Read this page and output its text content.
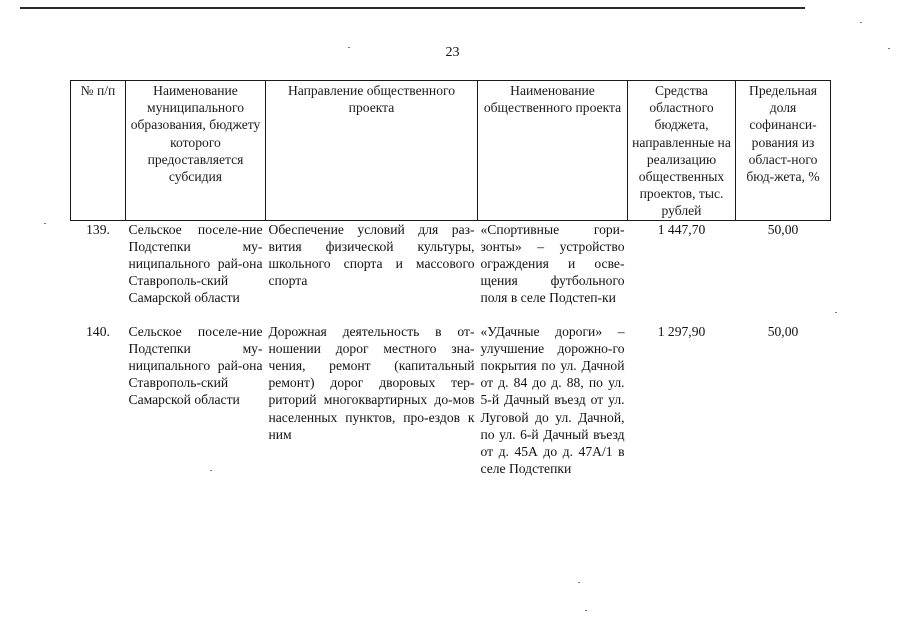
23
№ п/п	Наименование муниципального образования, бюджету которого предоставляется субсидия	Направление общественного проекта	Наименование общественного проекта	Средства областного бюджета, направленные на реализацию общественных проектов, тыс. рублей	Предельная доля софинанси-рования из област-ного бюд-жета, %
139.	Сельское поселе-ние Подстепки му-ниципального рай-она Ставрополь-ский Самарской области	Обеспечение условий для раз-вития физической культуры, школьного спорта и массового спорта	«Спортивные гори-зонты» – устройство ограждения и осве-щения футбольного поля в селе Подстеп-ки	1 447,70	50,00
140.	Сельское поселе-ние Подстепки му-ниципального рай-она Ставрополь-ский Самарской области	Дорожная деятельность в от-ношении дорог местного зна-чения, ремонт (капитальный ремонт) дорог дворовых тер-риторий многоквартирных до-мов населенных пунктов, про-ездов к ним	«УДачные дороги» – улучшение дорожно-го покрытия по ул. Дачной от д. 84 до д. 88, по ул. 5-й Дачный въезд от ул. Луговой до ул. Дачной, по ул. 6-й Дачный въезд от д. 45А до д. 47А/1 в селе Подстепки	1 297,90	50,00
